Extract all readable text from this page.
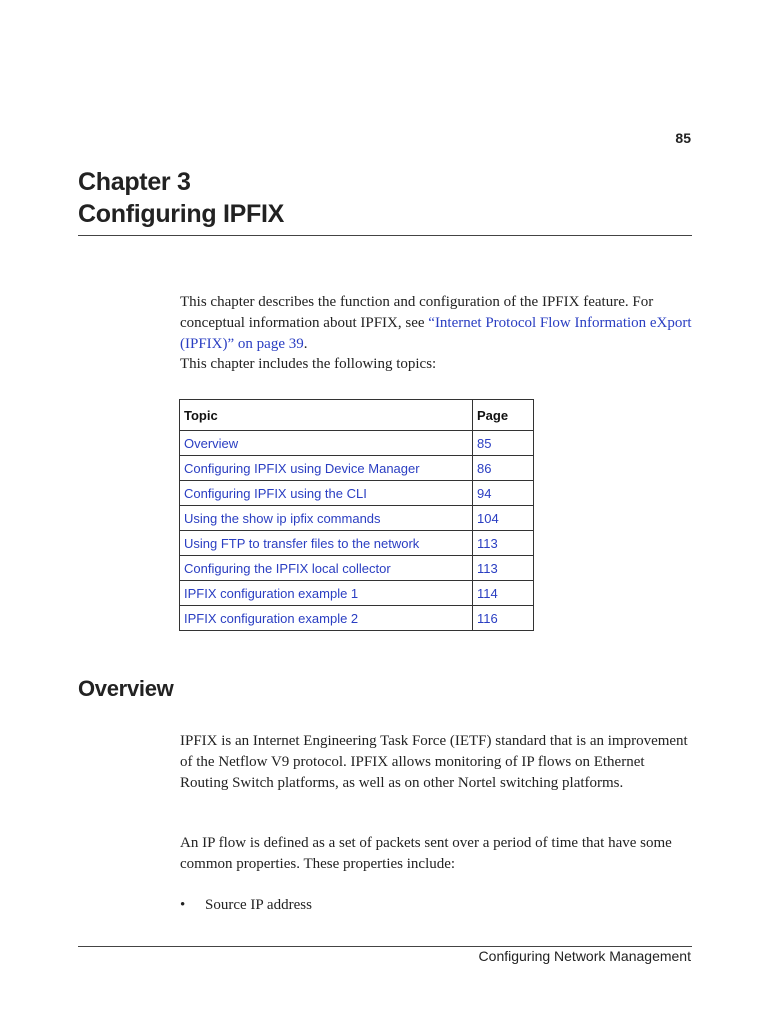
85
Chapter 3
Configuring IPFIX

This chapter describes the function and configuration of the IPFIX feature. For conceptual information about IPFIX, see “Internet Protocol Flow Information eXport (IPFIX)” on page 39.

This chapter includes the following topics:

Topic	Page
Overview	85
Configuring IPFIX using Device Manager	86
Configuring IPFIX using the CLI	94
Using the show ip ipfix commands	104
Using FTP to transfer files to the network	113
Configuring the IPFIX local collector	113
IPFIX configuration example 1	114
IPFIX configuration example 2	116
Overview

IPFIX is an Internet Engineering Task Force (IETF) standard that is an improvement of the Netflow V9 protocol. IPFIX allows monitoring of IP flows on Ethernet Routing Switch platforms, as well as on other Nortel switching platforms.

An IP flow is defined as a set of packets sent over a period of time that have some common properties. These properties include:

• Source IP address
Configuring Network Management
